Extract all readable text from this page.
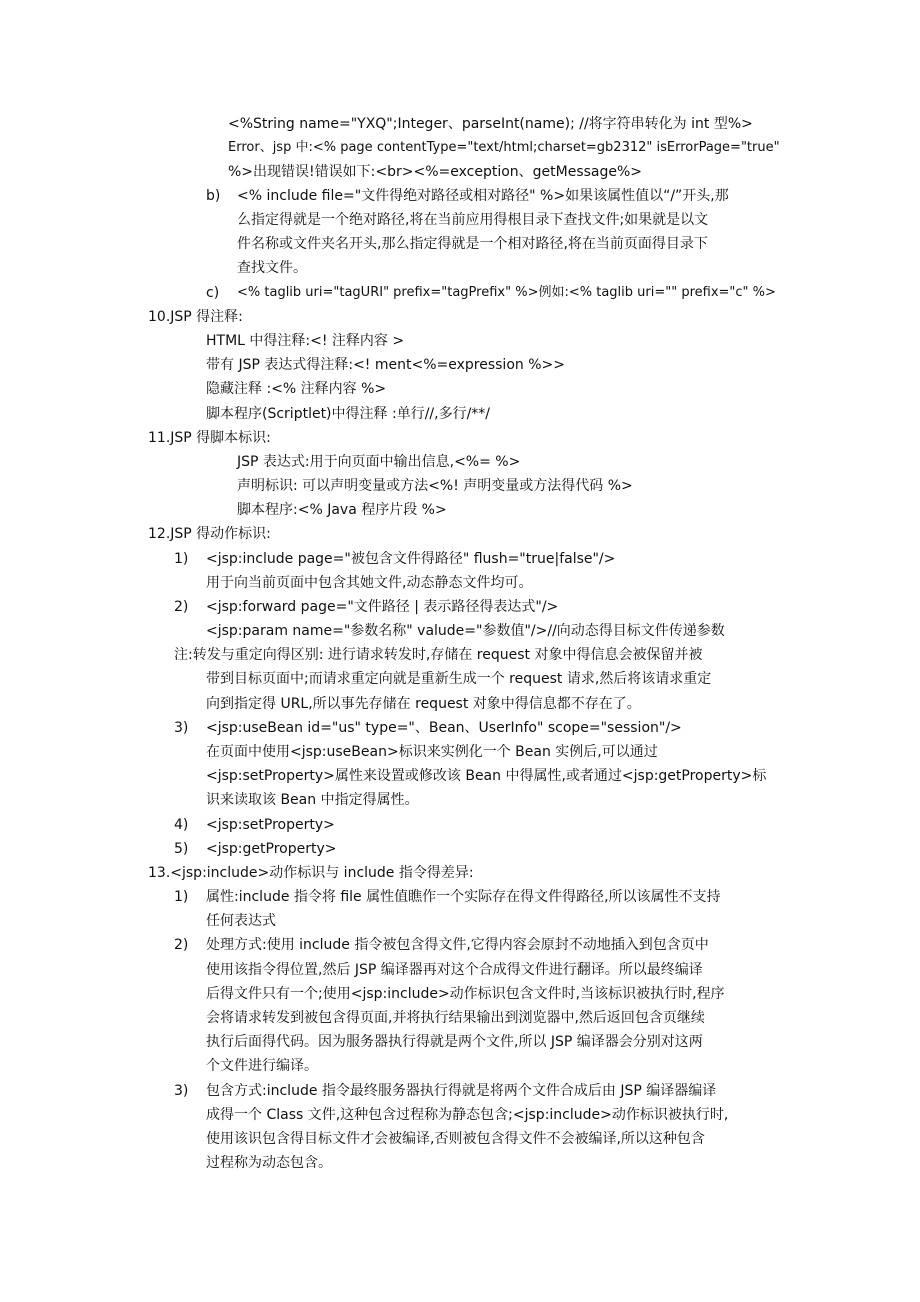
<%String name="YXQ";Integer、parseInt(name); //将字符串转化为 int 型%>
Error、jsp 中:<% page contentType="text/html;charset=gb2312" isErrorPage="true"
%>出现错误!错误如下:<br><%=exception、getMessage%>
b) <% include file="文件得绝对路径或相对路径" %>如果该属性值以“/”开头,那
么指定得就是一个绝对路径,将在当前应用得根目录下查找文件;如果就是以文
件名称或文件夹名开头,那么指定得就是一个相对路径,将在当前页面得目录下
查找文件。
c) <% taglib uri="tagURI" prefix="tagPrefix" %>例如:<% taglib uri="" prefix="c" %>
10.JSP 得注释:
HTML 中得注释:<! 注释内容 >
带有 JSP 表达式得注释:<! ment<%=expression %>>
隐藏注释 :<% 注释内容 %>
脚本程序(Scriptlet)中得注释 :单行//,多行/**/
11.JSP 得脚本标识:
JSP 表达式:用于向页面中输出信息,<%= %>
声明标识: 可以声明变量或方法<%! 声明变量或方法得代码 %>
脚本程序:<% Java 程序片段 %>
12.JSP 得动作标识:
1) <jsp:include page="被包含文件得路径" flush="true|false"/>
用于向当前页面中包含其她文件,动态静态文件均可。
2) <jsp:forward page="文件路径 | 表示路径得表达式"/>
<jsp:param name="参数名称" valude="参数值"/>//向动态得目标文件传递参数
注:转发与重定向得区别: 进行请求转发时,存储在 request 对象中得信息会被保留并被
带到目标页面中;而请求重定向就是重新生成一个 request 请求,然后将该请求重定
向到指定得 URL,所以事先存储在 request 对象中得信息都不存在了。
3) <jsp:useBean id="us" type="、Bean、UserInfo" scope="session"/>
在页面中使用<jsp:useBean>标识来实例化一个 Bean 实例后,可以通过
<jsp:setProperty>属性来设置或修改该 Bean 中得属性,或者通过<jsp:getProperty>标
识来读取该 Bean 中指定得属性。
4) <jsp:setProperty>
5) <jsp:getProperty>
13.<jsp:include>动作标识与 include 指令得差异:
1) 属性:include 指令将 file 属性值瞧作一个实际存在得文件得路径,所以该属性不支持
任何表达式
2) 处理方式:使用 include 指令被包含得文件,它得内容会原封不动地插入到包含页中
使用该指令得位置,然后 JSP 编译器再对这个合成得文件进行翻译。所以最终编译
后得文件只有一个;使用<jsp:include>动作标识包含文件时,当该标识被执行时,程序
会将请求转发到被包含得页面,并将执行结果输出到浏览器中,然后返回包含页继续
执行后面得代码。因为服务器执行得就是两个文件,所以 JSP 编译器会分别对这两
个文件进行编译。
3) 包含方式:include 指令最终服务器执行得就是将两个文件合成后由 JSP 编译器编译
成得一个 Class 文件,这种包含过程称为静态包含;<jsp:include>动作标识被执行时,
使用该识包含得目标文件才会被编译,否则被包含得文件不会被编译,所以这种包含
过程称为动态包含。
